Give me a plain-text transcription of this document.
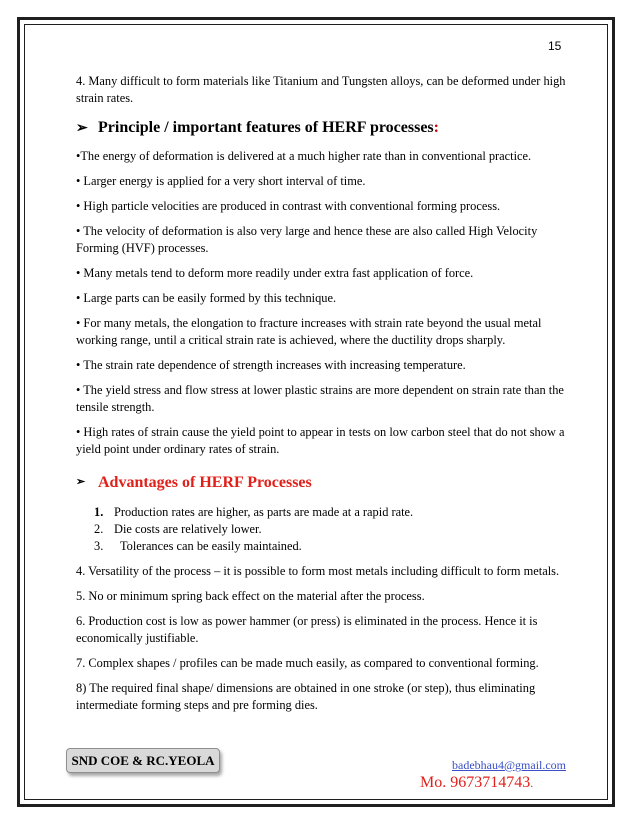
15

4. Many difficult to form materials like Titanium and Tungsten alloys, can be deformed under high strain rates.

➢ Principle / important features of HERF processes:

•The energy of deformation is delivered at a much higher rate than in conventional practice.

• Larger energy is applied for a very short interval of time.

• High particle velocities are produced in contrast with conventional forming process.

• The velocity of deformation is also very large and hence these are also called High Velocity Forming (HVF) processes.

• Many metals tend to deform more readily under extra fast application of force.

• Large parts can be easily formed by this technique.

• For many metals, the elongation to fracture increases with strain rate beyond the usual metal working range, until a critical strain rate is achieved, where the ductility drops sharply.

• The strain rate dependence of strength increases with increasing temperature.

• The yield stress and flow stress at lower plastic strains are more dependent on strain rate than the tensile strength.

• High rates of strain cause the yield point to appear in tests on low carbon steel that do not show a yield point under ordinary rates of strain.

➢ Advantages of HERF Processes

1. Production rates are higher, as parts are made at a rapid rate.
2. Die costs are relatively lower.
3. Tolerances can be easily maintained.

4. Versatility of the process – it is possible to form most metals including difficult to form metals.

5. No or minimum spring back effect on the material after the process.

6. Production cost is low as power hammer (or press) is eliminated in the process. Hence it is economically justifiable.

7. Complex shapes / profiles can be made much easily, as compared to conventional forming.

8) The required final shape/ dimensions are obtained in one stroke (or step), thus eliminating intermediate forming steps and pre forming dies.

SND COE & RC.YEOLA	badebhau4@gmail.com
Mo. 9673714743.
